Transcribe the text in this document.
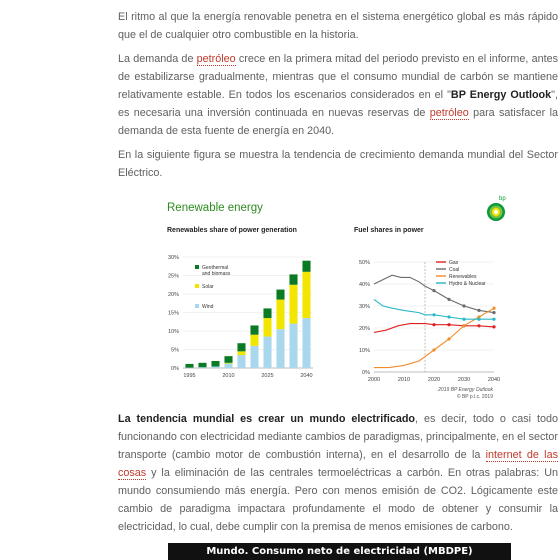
El ritmo al que la energía renovable penetra en el sistema energético global es más rápido que el de cualquier otro combustible en la historia.

La demanda de petróleo crece en la primera mitad del periodo previsto en el informe, antes de estabilizarse gradualmente, mientras que el consumo mundial de carbón se mantiene relativamente estable. En todos los escenarios considerados en el "BP Energy Outlook", es necesaria una inversión continuada en nuevas reservas de petróleo para satisfacer la demanda de esta fuente de energía en 2040.

En la siguiente figura se muestra la tendencia de crecimiento demanda mundial del Sector Eléctrico.

Renewable energy
Renewables share of power generation	Fuel shares in power
bp
0%
5%
10%
15%
20%
25%
30%
1995	2010	2025	2040
Geothermal
and biomass
Solar
Wind
0%
10%
20%
30%
40%
50%
2000	2010	2020	2030	2040
Gas
Coal
Renewables
Hydro & Nuclear
2019 BP Energy Outlook
© BP p.l.c. 2019

La tendencia mundial es crear un mundo electrificado, es decir, todo o casi todo funcionando con electricidad mediante cambios de paradigmas, principalmente, en el sector transporte (cambio motor de combustión interna), en el desarrollo de la internet de las cosas y la eliminación de las centrales termoeléctricas a carbón. En otras palabras: Un mundo consumiendo más energía. Pero con menos emisión de CO2. Lógicamente este cambio de paradigma impactara profundamente el modo de obtener y consumir la electricidad, lo cual, debe cumplir con la premisa de menos emisiones de carbono.

Mundo. Consumo neto de electricidad (MBDPE)
